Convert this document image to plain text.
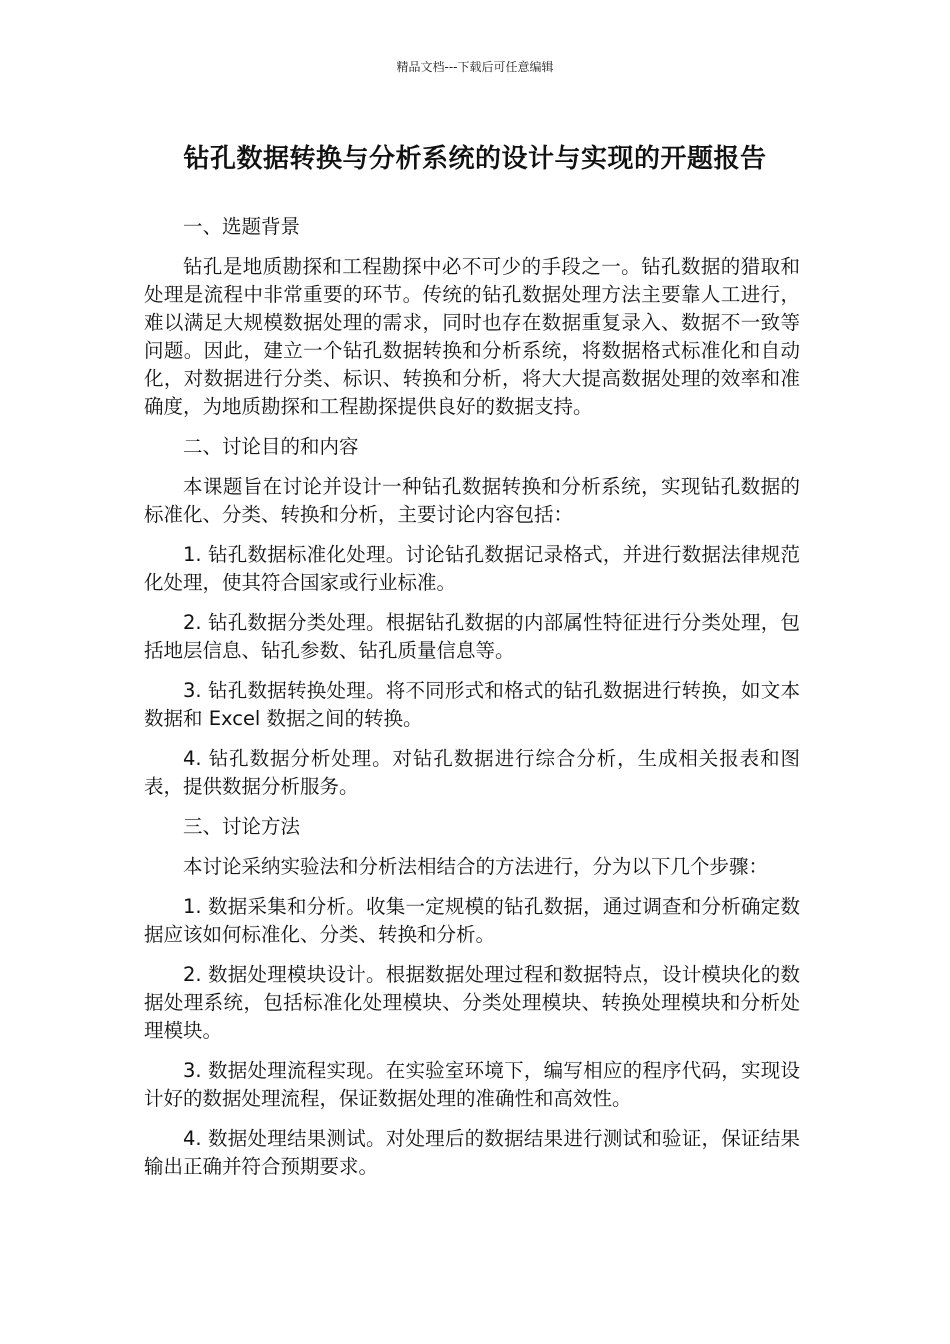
精品文档---下载后可任意编辑
钻孔数据转换与分析系统的设计与实现的开题报告

一、选题背景

钻孔是地质勘探和工程勘探中必不可少的手段之一。钻孔数据的猎取和处理是流程中非常重要的环节。传统的钻孔数据处理方法主要靠人工进行，难以满足大规模数据处理的需求，同时也存在数据重复录入、数据不一致等问题。因此，建立一个钻孔数据转换和分析系统，将数据格式标准化和自动化，对数据进行分类、标识、转换和分析，将大大提高数据处理的效率和准确度，为地质勘探和工程勘探提供良好的数据支持。

二、讨论目的和内容

本课题旨在讨论并设计一种钻孔数据转换和分析系统，实现钻孔数据的标准化、分类、转换和分析，主要讨论内容包括：

1. 钻孔数据标准化处理。讨论钻孔数据记录格式，并进行数据法律规范化处理，使其符合国家或行业标准。

2. 钻孔数据分类处理。根据钻孔数据的内部属性特征进行分类处理，包括地层信息、钻孔参数、钻孔质量信息等。

3. 钻孔数据转换处理。将不同形式和格式的钻孔数据进行转换，如文本数据和 Excel 数据之间的转换。

4. 钻孔数据分析处理。对钻孔数据进行综合分析，生成相关报表和图表，提供数据分析服务。

三、讨论方法

本讨论采纳实验法和分析法相结合的方法进行，分为以下几个步骤：

1. 数据采集和分析。收集一定规模的钻孔数据，通过调查和分析确定数据应该如何标准化、分类、转换和分析。

2. 数据处理模块设计。根据数据处理过程和数据特点，设计模块化的数据处理系统，包括标准化处理模块、分类处理模块、转换处理模块和分析处理模块。

3. 数据处理流程实现。在实验室环境下，编写相应的程序代码，实现设计好的数据处理流程，保证数据处理的准确性和高效性。

4. 数据处理结果测试。对处理后的数据结果进行测试和验证，保证结果输出正确并符合预期要求。
